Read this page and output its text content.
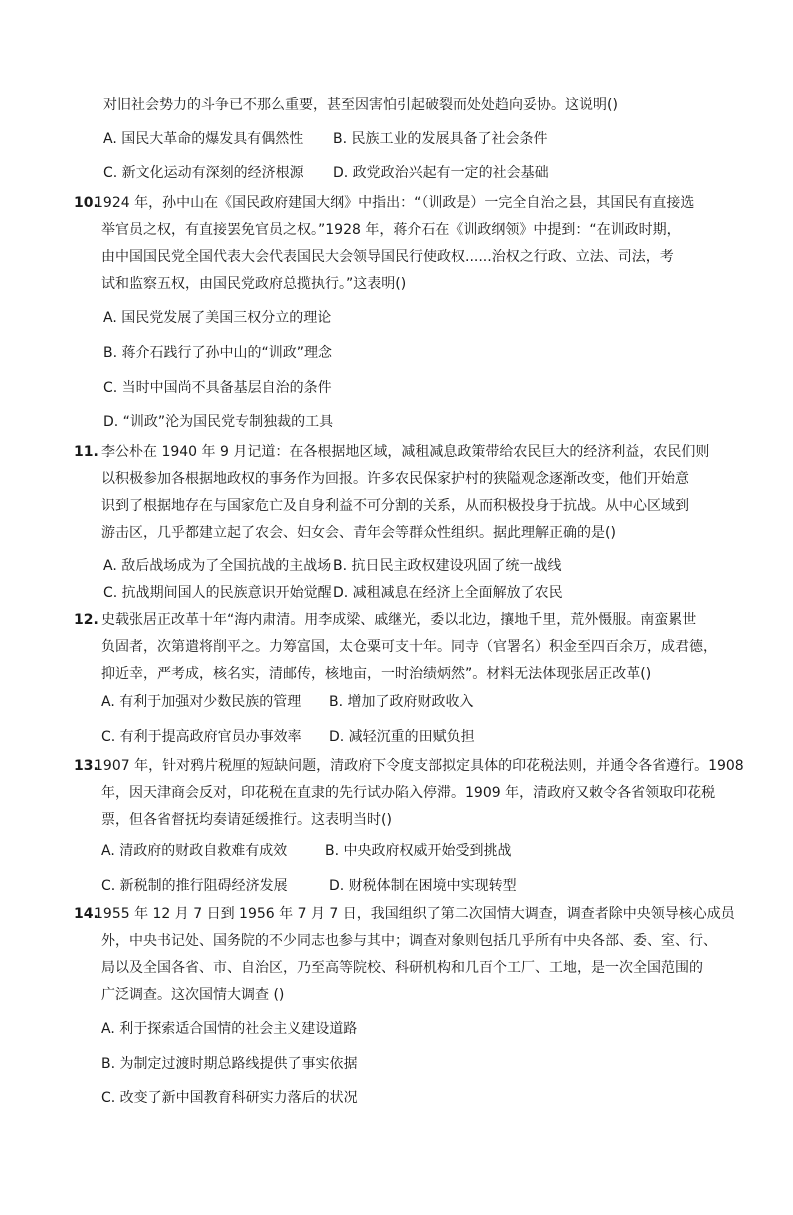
对旧社会势力的斗争已不那么重要，甚至因害怕引起破裂而处处趋向妥协。这说明()
A. 国民大革命的爆发具有偶然性 B. 民族工业的发展具备了社会条件
C. 新文化运动有深刻的经济根源 D. 政党政治兴起有一定的社会基础
10.
1924 年，孙中山在《国民政府建国大纲》中指出：“（训政是）一完全自治之县，其国民有直接选
举官员之权，有直接罢免官员之权。”1928 年，蒋介石在《训政纲领》中提到：“在训政时期，
由中国国民党全国代表大会代表国民大会领导国民行使政权......治权之行政、立法、司法，考
试和监察五权，由国民党政府总揽执行。”这表明()
A. 国民党发展了美国三权分立的理论
B. 蒋介石践行了孙中山的“训政”理念
C. 当时中国尚不具备基层自治的条件
D. “训政”沦为国民党专制独裁的工具
11. 李公朴在 1940 年 9 月记道：在各根据地区域，减租减息政策带给农民巨大的经济利益，农民们则
以积极参加各根据地政权的事务作为回报。许多农民保家护村的狭隘观念逐渐改变，他们开始意
识到了根据地存在与国家危亡及自身利益不可分割的关系，从而积极投身于抗战。从中心区域到
游击区，几乎都建立起了农会、妇女会、青年会等群众性组织。据此理解正确的是()
A. 敌后战场成为了全国抗战的主战场 B. 抗日民主政权建设巩固了统一战线
C. 抗战期间国人的民族意识开始觉醒 D. 减租减息在经济上全面解放了农民
12. 史载张居正改革十年“海内肃清。用李成梁、戚继光，委以北边，攘地千里，荒外慑服。南蛮累世
负固者，次第遣将削平之。力筹富国，太仓粟可支十年。同寺（官署名）积金至四百余万，成君德，
抑近幸，严考成，核名实，清邮传，核地亩，一时治绩炳然”。材料无法体现张居正改革()
A. 有利于加强对少数民族的管理 B. 增加了政府财政收入
C. 有利于提高政府官员办事效率 D. 减轻沉重的田赋负担
13.
1907 年，针对鸦片税厘的短缺问题，清政府下令度支部拟定具体的印花税法则，并通令各省遵行。1908
年，因天津商会反对，印花税在直隶的先行试办陷入停滞。1909 年，清政府又敕令各省领取印花税
票，但各省督抚均奏请延缓推行。这表明当时()
A. 清政府的财政自救难有成效	B. 中央政府权威开始受到挑战
C. 新税制的推行阻碍经济发展	D. 财税体制在困境中实现转型
14.
1955 年 12 月 7 日到 1956 年 7 月 7 日，我国组织了第二次国情大调查，调查者除中央领导核心成员
外，中央书记处、国务院的不少同志也参与其中；调查对象则包括几乎所有中央各部、委、室、行、
局以及全国各省、市、自治区，乃至高等院校、科研机构和几百个工厂、工地，是一次全国范围的
广泛调查。这次国情大调查 ()
A. 利于探索适合国情的社会主义建设道路
B. 为制定过渡时期总路线提供了事实依据
C. 改变了新中国教育科研实力落后的状况
